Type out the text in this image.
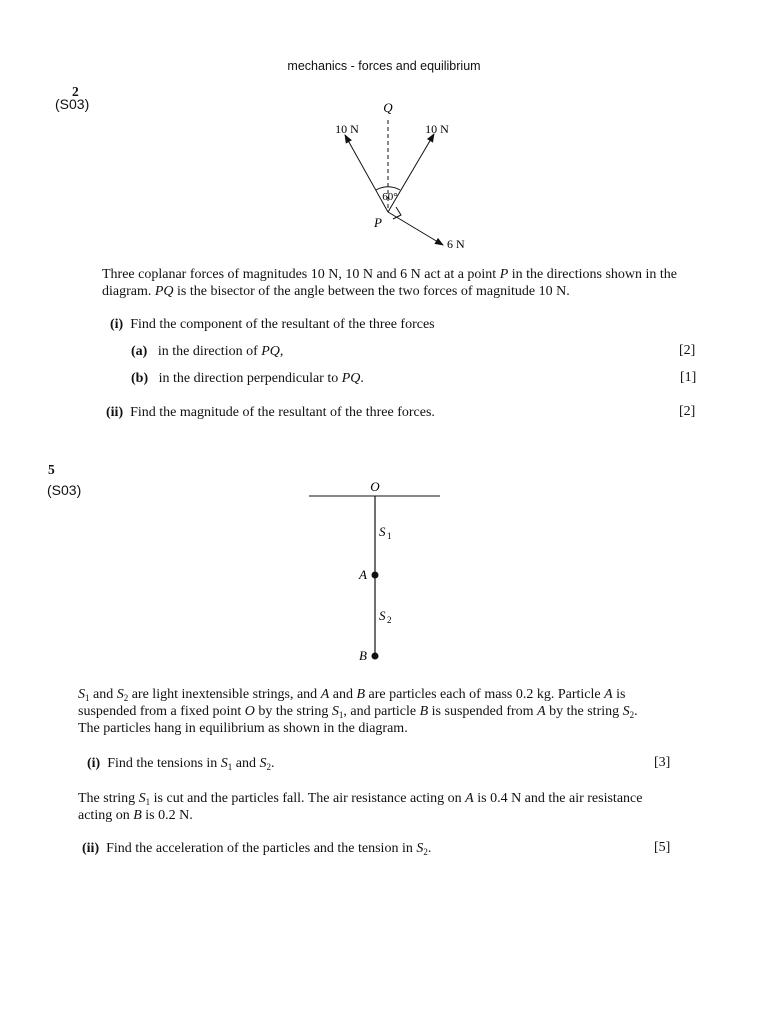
mechanics - forces and equilibrium
2
(S03)	Q
P
10 N	10 N
6 N
60°

Three coplanar forces of magnitudes 10 N, 10 N and 6 N act at a point P in the directions shown in the diagram. PQ is the bisector of the angle between the two forces of magnitude 10 N.

(i) Find the component of the resultant of the three forces
(a) in the direction of PQ,	[2]
(b) in the direction perpendicular to PQ.	[1]
(ii) Find the magnitude of the resultant of the three forces.	[2]
5
(S03)	O
A
B
S 1
S 2

$S_1$ and $S_2$ are light inextensible strings, and A and B are particles each of mass 0.2 kg. Particle A is

suspended from a fixed point O by the string $S_1$, and particle B is suspended from A by the string $S_2$.

The particles hang in equilibrium as shown in the diagram.

(i) Find the tensions in $S_1$ and $S_2$.	[3]

The string $S_1$ is cut and the particles fall. The air resistance acting on A is 0.4 N and the air resistance

acting on B is 0.2 N.

(ii) Find the acceleration of the particles and the tension in $S_2$.	[5]
